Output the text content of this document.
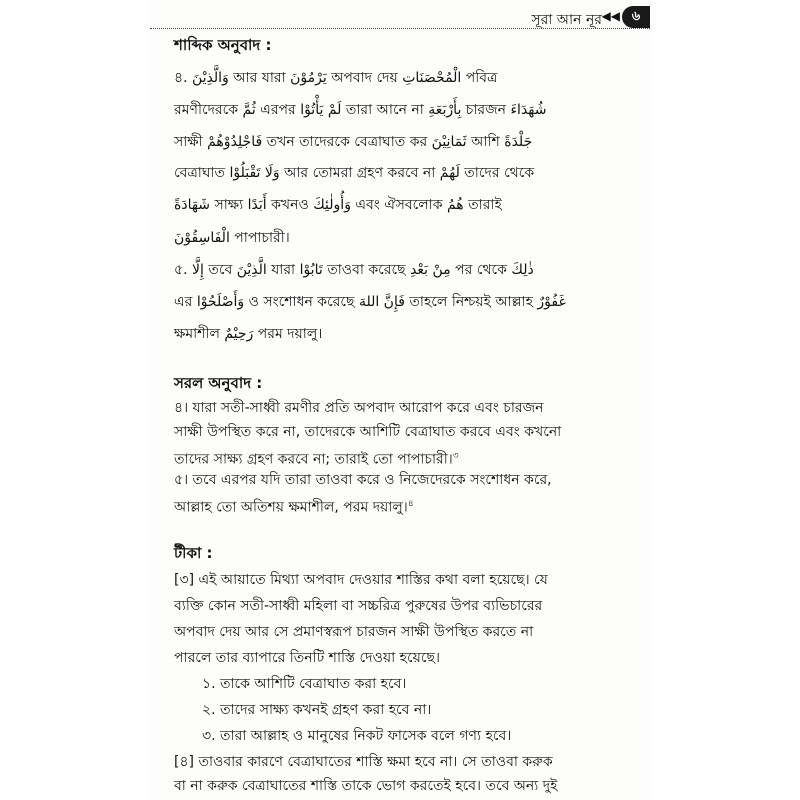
সূরা আন নূর ◀◀ ৬
শাব্দিক অনুবাদ :
৪. وَالَّذِيْنَ আর যারা يَرْمُوْنَ অপবাদ দেয় الْمُحْصَنَاتِ পবিত্র
রমণীদেরকে ثُمَّ এরপর لَمْ يَأْتُوْا তারা আনে না بِأَرْبَعَةِ চারজন شُهَدَاءَ
সাক্ষী فَاجْلِدُوْهُمْ তখন তাদেরকে বেত্রাঘাত কর ثَمَانِيْنَ আশি جَلْدَةً
বেত্রাঘাত وَلَا تَقْبَلُوْا আর তোমরা গ্রহণ করবে না لَهُمْ তাদের থেকে
شَهَادَةً সাক্ষ্য أَبَدًا কখনও وَأُولٰئِكَ এবং ঐসবলোক هُمُ তারাই
الْفَاسِقُوْنَ পাপাচারী।
৫. إِلَّا তবে الَّذِيْنَ যারা تَابُوْا তাওবা করেছে مِنْ بَعْدِ পর থেকে ذٰلِكَ
এর وَأَصْلَحُوْا ও সংশোধন করেছে فَإِنَّ اللهَ তাহলে নিশ্চয়ই আল্লাহ غَفُوْرٌ
ক্ষমাশীল رَحِيْمٌ পরম দয়ালু।
সরল অনুবাদ :
৪। যারা সতী-সাধ্বী রমণীর প্রতি অপবাদ আরোপ করে এবং চারজন
সাক্ষী উপস্থিত করে না, তাদেরকে আশিটি বেত্রাঘাত করবে এবং কখনো
তাদের সাক্ষ্য গ্রহণ করবে না; তারাই তো পাপাচারী।$^৩$
৫। তবে এরপর যদি তারা তাওবা করে ও নিজেদেরকে সংশোধন করে,
আল্লাহ তো অতিশয় ক্ষমাশীল, পরম দয়ালু।$^৪$
টীকা :
[৩] এই আয়াতে মিথ্যা অপবাদ দেওয়ার শাস্তির কথা বলা হয়েছে। যে
ব্যক্তি কোন সতী-সাধ্বী মহিলা বা সচ্চরিত্র পুরুষের উপর ব্যভিচারের
অপবাদ দেয় আর সে প্রমাণস্বরূপ চারজন সাক্ষী উপস্থিত করতে না
পারলে তার ব্যাপারে তিনটি শাস্তি দেওয়া হয়েছে।
১. তাকে আশিটি বেত্রাঘাত করা হবে।
২. তাদের সাক্ষ্য কখনই গ্রহণ করা হবে না।
৩. তারা আল্লাহ ও মানুষের নিকট ফাসেক বলে গণ্য হবে।
[৪] তাওবার কারণে বেত্রাঘাতের শাস্তি ক্ষমা হবে না। সে তাওবা করুক
বা না করুক বেত্রাঘাতের শাস্তি তাকে ভোগ করতেই হবে। তবে অন্য দুই
